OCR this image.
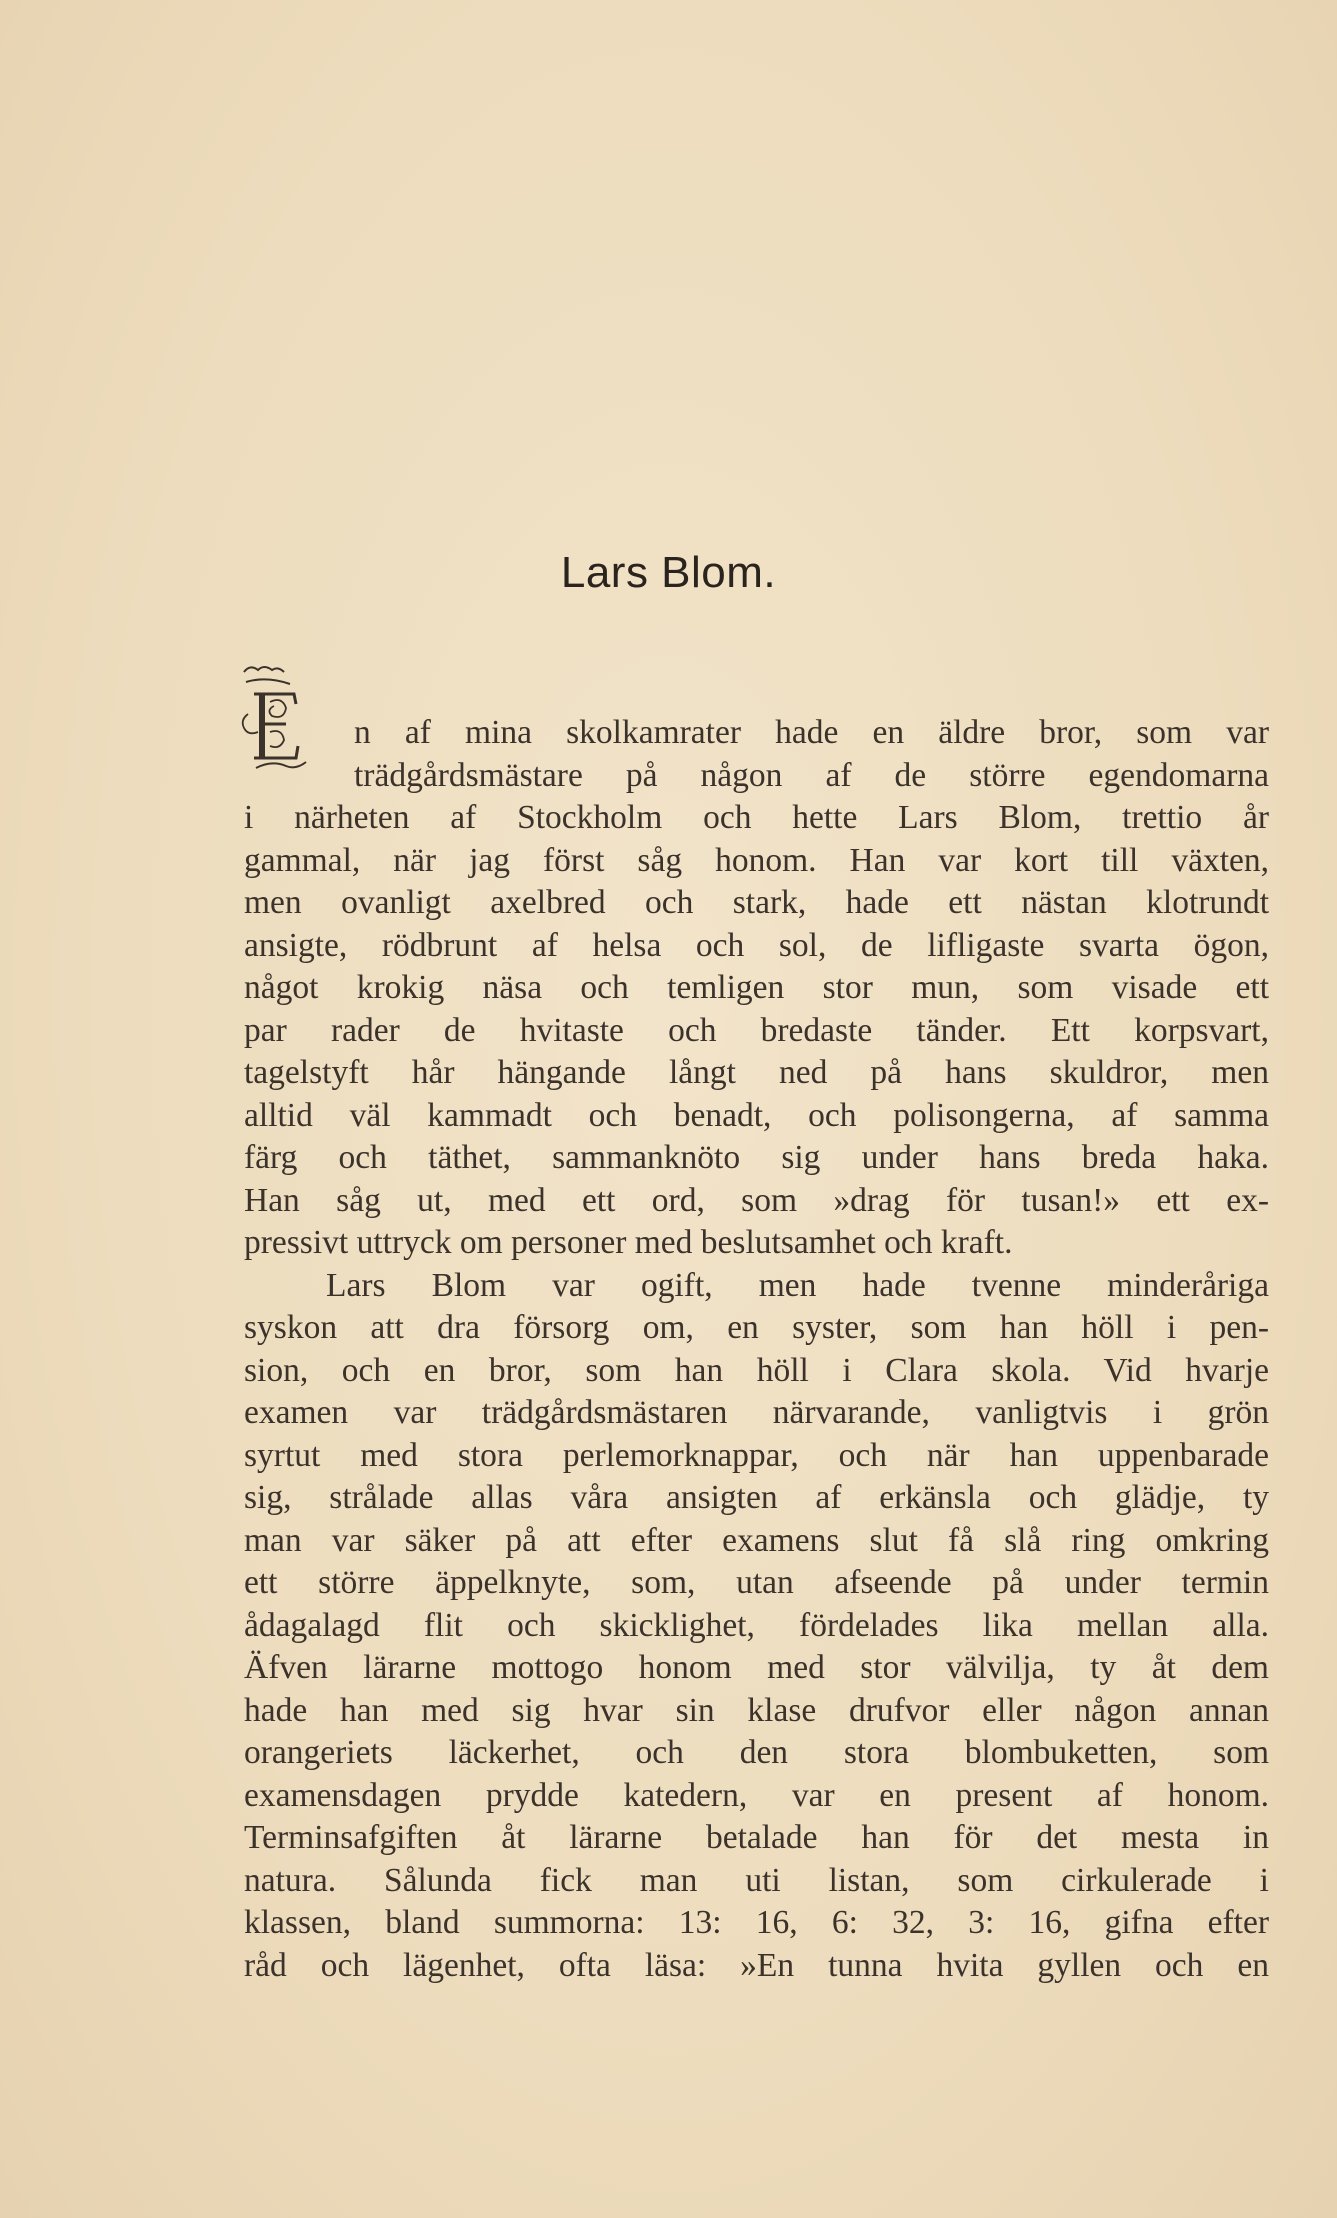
Lars Blom.
E
n af mina skolkamrater hade en äldre bror, som var
trädgårdsmästare på någon af de större egendomarna
i närheten af Stockholm och hette Lars Blom, trettio år
gammal, när jag först såg honom. Han var kort till växten,
men ovanligt axelbred och stark, hade ett nästan klotrundt
ansigte, rödbrunt af helsa och sol, de lifligaste svarta ögon,
något krokig näsa och temligen stor mun, som visade ett
par rader de hvitaste och bredaste tänder. Ett korpsvart,
tagelstyft hår hängande långt ned på hans skuldror, men
alltid väl kammadt och benadt, och polisongerna, af samma
färg och täthet, sammanknöto sig under hans breda haka.
Han såg ut, med ett ord, som »drag för tusan!» ett ex-
pressivt uttryck om personer med beslutsamhet och kraft.
Lars Blom var ogift, men hade tvenne minderåriga
syskon att dra försorg om, en syster, som han höll i pen-
sion, och en bror, som han höll i Clara skola. Vid hvarje
examen var trädgårdsmästaren närvarande, vanligtvis i grön
syrtut med stora perlemorknappar, och när han uppenbarade
sig, strålade allas våra ansigten af erkänsla och glädje, ty
man var säker på att efter examens slut få slå ring omkring
ett större äppelknyte, som, utan afseende på under termin
ådagalagd flit och skicklighet, fördelades lika mellan alla.
Äfven lärarne mottogo honom med stor välvilja, ty åt dem
hade han med sig hvar sin klase drufvor eller någon annan
orangeriets läckerhet, och den stora blombuketten, som
examensdagen prydde katedern, var en present af honom.
Terminsafgiften åt lärarne betalade han för det mesta in
natura. Sålunda fick man uti listan, som cirkulerade i
klassen, bland summorna: 13: 16, 6: 32, 3: 16, gifna efter
råd och lägenhet, ofta läsa: »En tunna hvita gyllen och en
